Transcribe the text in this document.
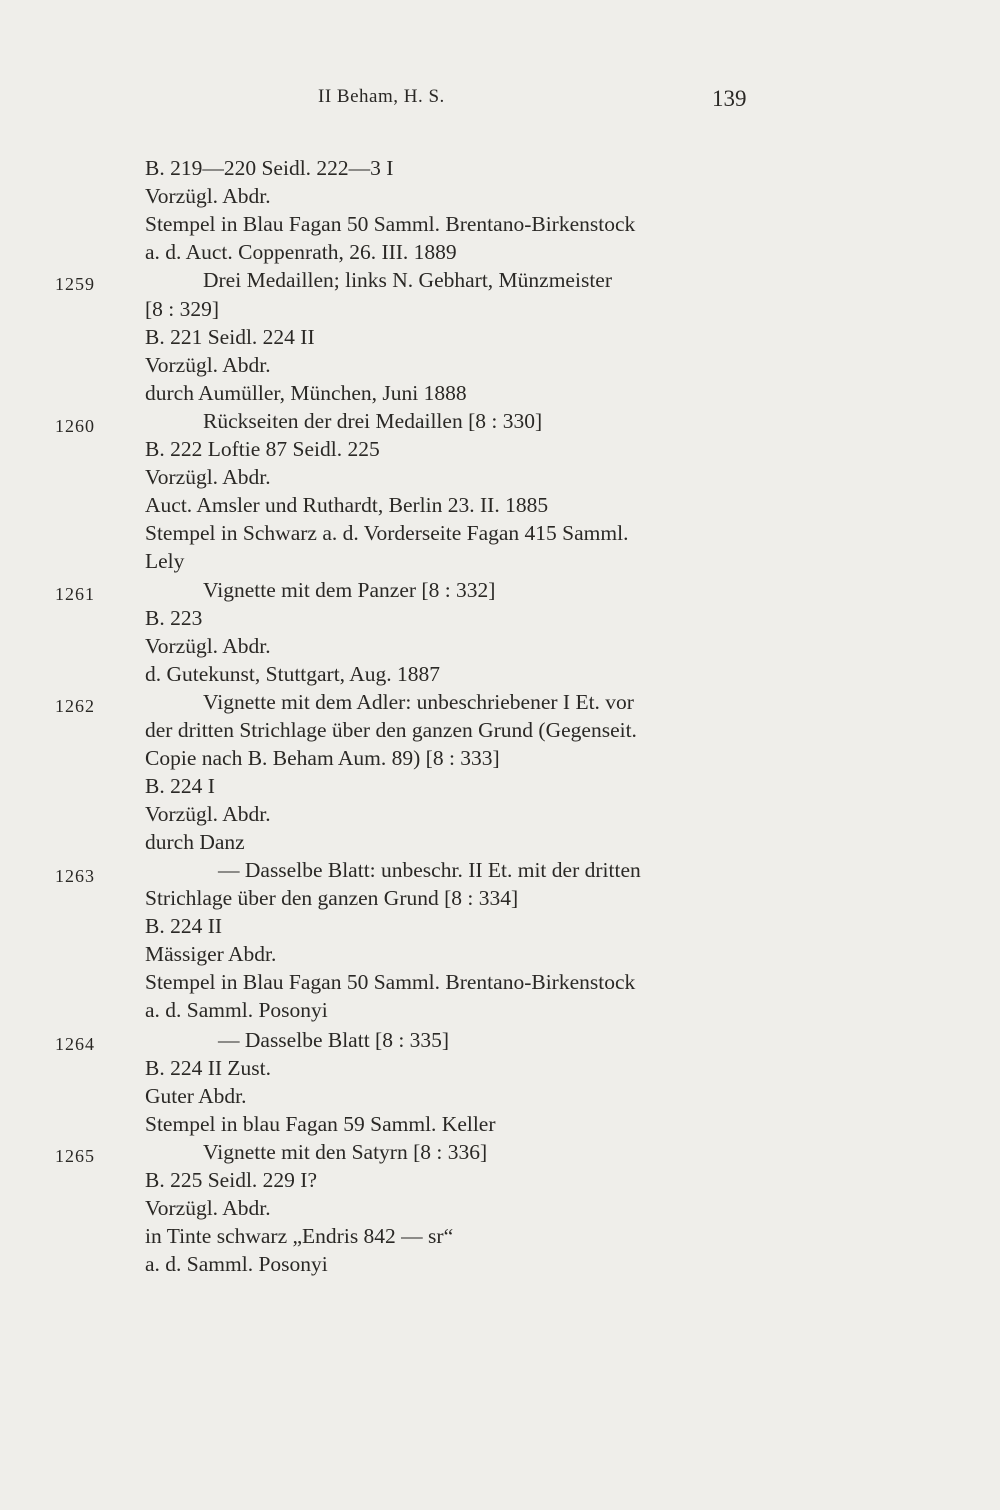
II Beham, H. S.	139
B. 219—220 Seidl. 222—3 I
Vorzügl. Abdr.
Stempel in Blau Fagan 50 Samml. Brentano-Birkenstock
a. d. Auct. Coppenrath, 26. III. 1889
1259	Drei Medaillen; links N. Gebhart, Münzmeister
[8 : 329]
B. 221 Seidl. 224 II
Vorzügl. Abdr.
durch Aumüller, München, Juni 1888
1260	Rückseiten der drei Medaillen [8 : 330]
B. 222 Loftie 87 Seidl. 225
Vorzügl. Abdr.
Auct. Amsler und Ruthardt, Berlin 23. II. 1885
Stempel in Schwarz a. d. Vorderseite Fagan 415 Samml.
Lely
1261	Vignette mit dem Panzer [8 : 332]
B. 223
Vorzügl. Abdr.
d. Gutekunst, Stuttgart, Aug. 1887
1262	Vignette mit dem Adler: unbeschriebener I Et. vor
der dritten Strichlage über den ganzen Grund (Gegenseit.
Copie nach B. Beham Aum. 89) [8 : 333]
B. 224 I
Vorzügl. Abdr.
durch Danz
1263	— Dasselbe Blatt: unbeschr. II Et. mit der dritten
Strichlage über den ganzen Grund [8 : 334]
B. 224 II
Mässiger Abdr.
Stempel in Blau Fagan 50 Samml. Brentano-Birkenstock
a. d. Samml. Posonyi
1264	— Dasselbe Blatt [8 : 335]
B. 224 II Zust.
Guter Abdr.
Stempel in blau Fagan 59 Samml. Keller
1265	Vignette mit den Satyrn [8 : 336]
B. 225 Seidl. 229 I?
Vorzügl. Abdr.
in Tinte schwarz „Endris 842 — sr“
a. d. Samml. Posonyi
